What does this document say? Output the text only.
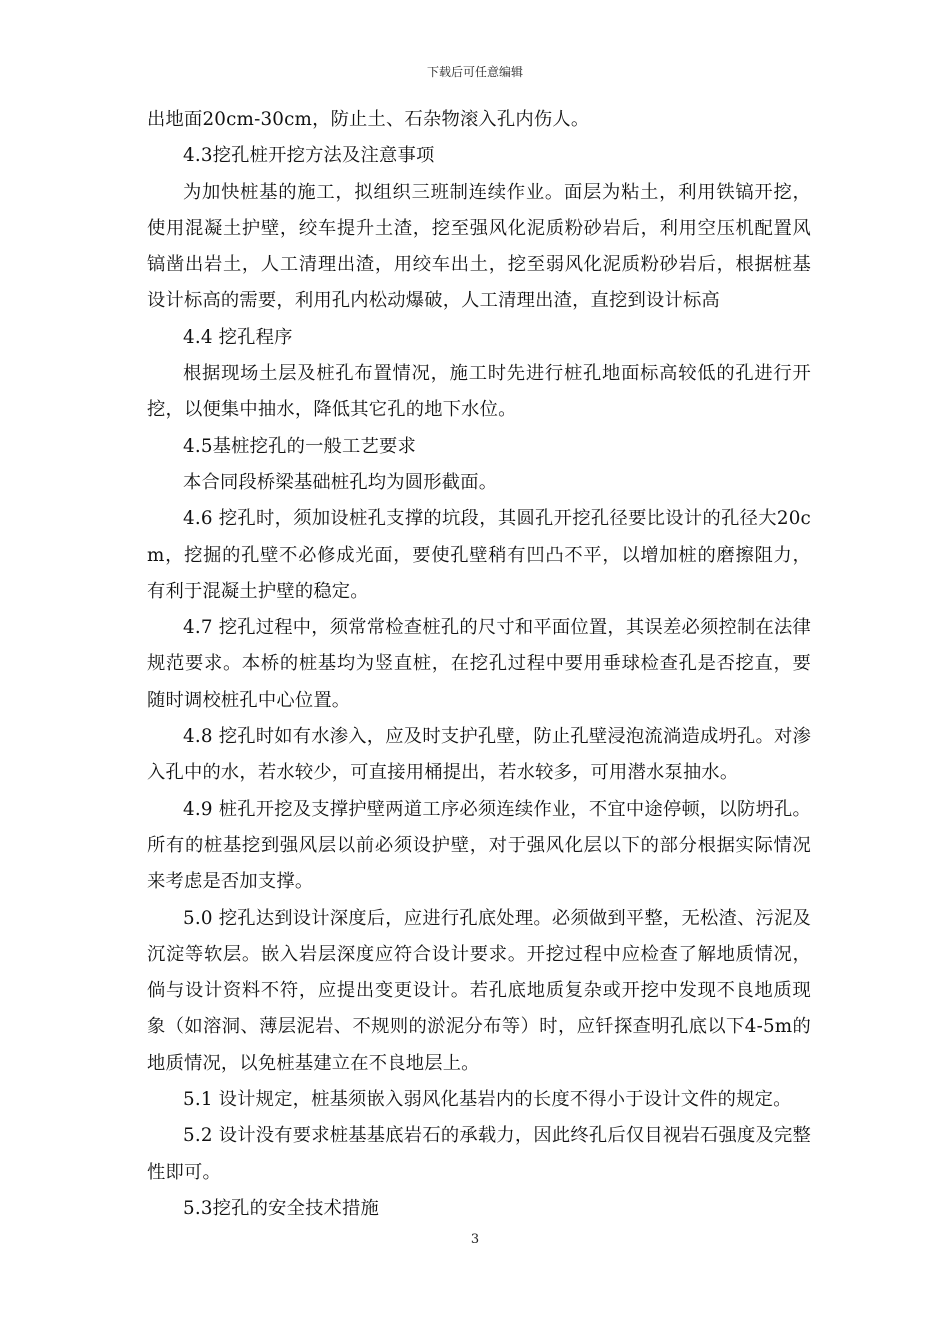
下载后可任意编辑

出地面20cm-30cm，防止土、石杂物滚入孔内伤人。

4.3挖孔桩开挖方法及注意事项

为加快桩基的施工，拟组织三班制连续作业。面层为粘土，利用铁镐开挖，使用混凝土护壁，绞车提升土渣，挖至强风化泥质粉砂岩后，利用空压机配置风镐凿出岩土，人工清理出渣，用绞车出土，挖至弱风化泥质粉砂岩后，根据桩基设计标高的需要，利用孔内松动爆破，人工清理出渣，直挖到设计标高

4.4 挖孔程序

根据现场土层及桩孔布置情况，施工时先进行桩孔地面标高较低的孔进行开挖，以便集中抽水，降低其它孔的地下水位。

4.5基桩挖孔的一般工艺要求

本合同段桥梁基础桩孔均为圆形截面。

4.6 挖孔时，须加设桩孔支撑的坑段，其圆孔开挖孔径要比设计的孔径大20cm，挖掘的孔壁不必修成光面，要使孔壁稍有凹凸不平，以增加桩的磨擦阻力，有利于混凝土护壁的稳定。

4.7 挖孔过程中，须常常检查桩孔的尺寸和平面位置，其误差必须控制在法律规范要求。本桥的桩基均为竖直桩，在挖孔过程中要用垂球检查孔是否挖直，要随时调校桩孔中心位置。

4.8 挖孔时如有水渗入，应及时支护孔壁，防止孔壁浸泡流淌造成坍孔。对渗入孔中的水，若水较少，可直接用桶提出，若水较多，可用潜水泵抽水。

4.9 桩孔开挖及支撑护壁两道工序必须连续作业，不宜中途停顿，以防坍孔。所有的桩基挖到强风层以前必须设护壁，对于强风化层以下的部分根据实际情况来考虑是否加支撑。

5.0 挖孔达到设计深度后，应进行孔底处理。必须做到平整，无松渣、污泥及沉淀等软层。嵌入岩层深度应符合设计要求。开挖过程中应检查了解地质情况，倘与设计资料不符，应提出变更设计。若孔底地质复杂或开挖中发现不良地质现象（如溶洞、薄层泥岩、不规则的淤泥分布等）时，应钎探查明孔底以下4-5m的地质情况，以免桩基建立在不良地层上。

5.1 设计规定，桩基须嵌入弱风化基岩内的长度不得小于设计文件的规定。

5.2 设计没有要求桩基基底岩石的承载力，因此终孔后仅目视岩石强度及完整性即可。

5.3挖孔的安全技术措施

3
